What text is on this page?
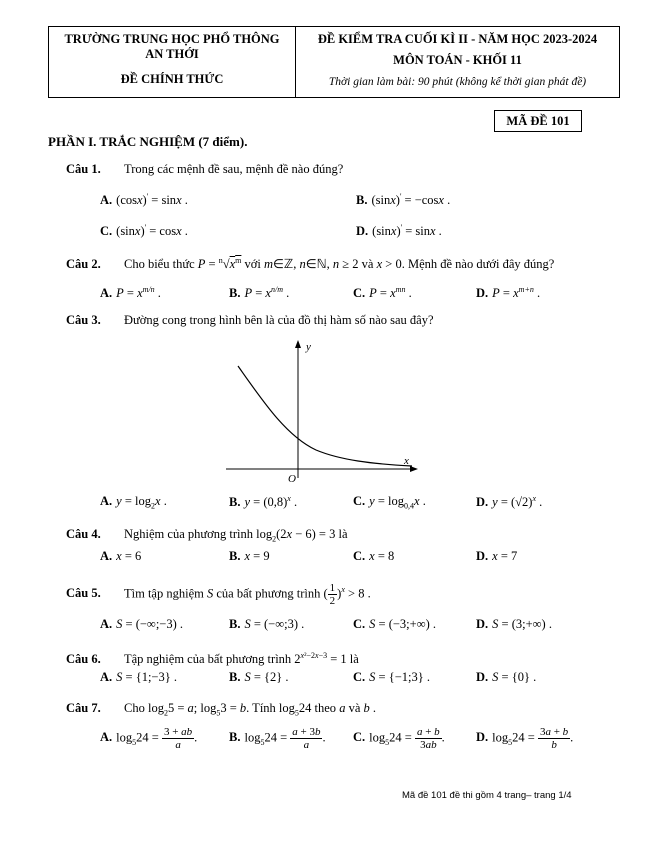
TRƯỜNG TRUNG HỌC PHỔ THÔNG
AN THỚI
ĐỀ CHÍNH THỨC
ĐỀ KIỂM TRA CUỐI KÌ II - NĂM HỌC 2023-2024
MÔN TOÁN - KHỐI 11
Thời gian làm bài: 90 phút (không kể thời gian phát đề)
MÃ ĐỀ 101
PHẦN I. TRẮC NGHIỆM (7 điểm).
Câu 1. Trong các mệnh đề sau, mệnh đề nào đúng?
A. (cosx)' = sinx .	B. (sinx)' = −cosx .
C. (sinx)' = cosx .	D. (sinx)' = sinx .
Câu 2. Cho biểu thức $P = ^n√x^m$ với m∈ℤ, n∈ℕ, n ≥ 2 và x > 0. Mệnh đề nào dưới đây đúng?
A. $P = x^{m/n}$ .	B. $P = x^{n/m}$ .	C. $P = x^{mn}$ .	D. $P = x^{m+n}$ .
Câu 3. Đường cong trong hình bên là của đồ thị hàm số nào sau đây?
y
x
O
A. $y = \log_2x$ .	B. $y = (0,8)^x$ .	C. $y = \log_{0,4}x$ .	D. $y = (√2)^x$ .
Câu 4. Nghiệm của phương trình $\log_2(2x - 6) = 3$ là
A. x = 6	B. x = 9	C. x = 8	D. x = 7
Câu 5. Tìm tập nghiệm S của bất phương trình ( $\frac{1}{2} )^x > 8$ .
A. S = (−∞;−3) .	B. S = (−∞;3) .	C. S = (−3;+∞) .	D. S = (3;+∞) .
Câu 6. Tập nghiệm của bất phương trình $2^{x^2-2x-3} = 1$ là
A. S = {1;−3} .	B. S = {2} .	C. S = {−1;3} .	D. S = {0} .
Câu 7. Cho $\log_25 = a$; $\log_53 = b$. Tính $\log_524$ theo a và b .
A. $\log_524 = \frac{3 + ab}{a}$ .	B. $\log_524 = \frac{a + 3b}{a}$ . C. $\log_524 = \frac{a + b}{3ab}$ . D. $\log_524 = \frac{3a + b}{b}$ .
Mã đề 101 đề thi gồm 4 trang– trang 1/4
